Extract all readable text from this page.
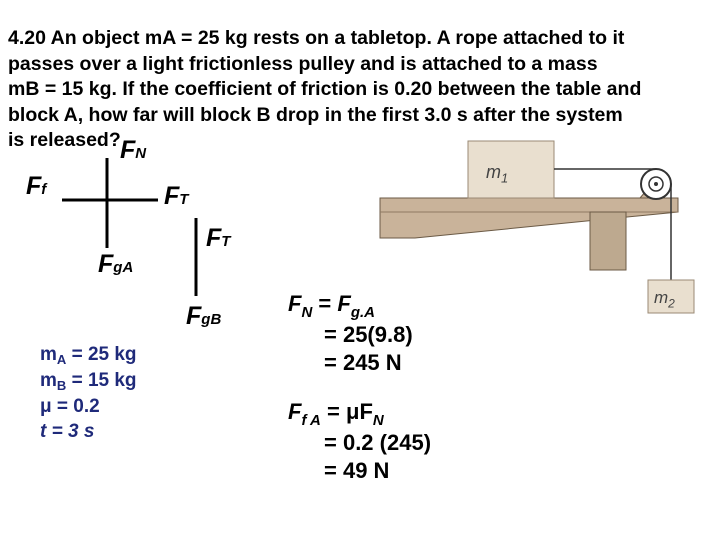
4.20 An object mA = 25 kg rests on a tabletop. A rope attached to it

passes over a light frictionless pulley and is attached to a mass

mB = 15 kg. If the coefficient of friction is 0.20 between the table and

block A, how far will block B drop in the first 3.0 s after the system

is released?

$m_1$
$m_2$
FN
Ff	FT
FgA
FT
FgB
$m_A = 25$ kg
$m_B = 15$ kg
μ = 0.2
t = 3 s
$F_N = F_{g.A}$
= 25(9.8)
= 245 N
$F_{f A} = \mu F_N$
= 0.2 (245)
= 49 N
